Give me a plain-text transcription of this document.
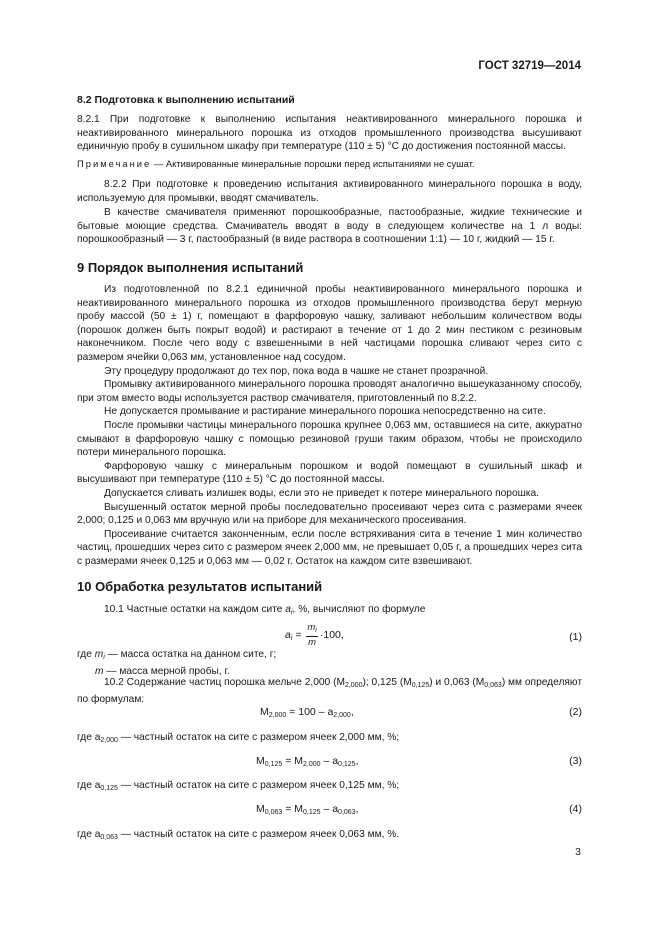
ГОСТ 32719—2014
8.2 Подготовка к выполнению испытаний

8.2.1 При подготовке к выполнению испытания неактивированного минерального порошка и неактивированного минерального порошка из отходов промышленного производства высушивают единичную пробу в сушильном шкафу при температуре (110 ± 5) °С до достижения постоянной массы.

Примечание — Активированные минеральные порошки перед испытаниями не сушат.

8.2.2 При подготовке к проведению испытания активированного минерального порошка в воду, используемую для промывки, вводят смачиватель.

В качестве смачивателя применяют порошкообразные, пастообразные, жидкие технические и бытовые моющие средства. Смачиватель вводят в воду в следующем количестве на 1 л воды: порошкообразный — 3 г, пастообразный (в виде раствора в соотношении 1:1) — 10 г, жидкий — 15 г.

9 Порядок выполнения испытаний

Из подготовленной по 8.2.1 единичной пробы неактивированного минерального порошка и неактивированного минерального порошка из отходов промышленного производства берут мерную пробу массой (50 ± 1) г, помещают в фарфоровую чашку, заливают небольшим количеством воды (порошок должен быть покрыт водой) и растирают в течение от 1 до 2 мин пестиком с резиновым наконечником. После чего воду с взвешенными в ней частицами порошка сливают через сито с размером ячейки 0,063 мм, установленное над сосудом.

Эту процедуру продолжают до тех пор, пока вода в чашке не станет прозрачной.

Промывку активированного минерального порошка проводят аналогично вышеуказанному способу, при этом вместо воды используется раствор смачивателя, приготовленный по 8.2.2.

Не допускается промывание и растирание минерального порошка непосредственно на сите.

После промывки частицы минерального порошка крупнее 0,063 мм, оставшиеся на сите, аккуратно смывают в фарфоровую чашку с помощью резиновой груши таким образом, чтобы не происходило потери минерального порошка.

Фарфоровую чашку с минеральным порошком и водой помещают в сушильный шкаф и высушивают при температуре (110 ± 5) °С до постоянной массы.

Допускается сливать излишек воды, если это не приведет к потере минерального порошка.

Высушенный остаток мерной пробы последовательно просеивают через сита с размерами ячеек 2,000; 0,125 и 0,063 мм вручную или на приборе для механического просеивания.

Просеивание считается законченным, если после встряхивания сита в течение 1 мин количество частиц, прошедших через сито с размером ячеек 2,000 мм, не превышает 0,05 г, а прошедших через сита с размерами ячеек 0,125 и 0,063 мм — 0,02 г. Остаток на каждом сите взвешивают.

10 Обработка результатов испытаний
10.1 Частные остатки на каждом сите $a_i$, %, вычисляют по формуле
$a_i = \frac{m_i}{m} \cdot 100$,	(1)
где $m_i$ — масса остатка на данном сите, г;
m — масса мерной пробы, г.

10.2 Содержание частиц порошка мельче 2,000 $(М_{2,000})$; 0,125 $(М_{0,125})$ и 0,063 $(М_{0,063})$ мм определяют по формулам:

$М_{2,000} = 100 - a_{2,000}$,	(2)
где $a_{2,000}$ — частный остаток на сите с размером ячеек 2,000 мм, %;
$М_{0,125} = М_{2,000} - a_{0,125}$,	(3)
где $a_{0,125}$ — частный остаток на сите с размером ячеек 0,125 мм, %;
$М_{0,063} = М_{0,125} - a_{0,063}$,	(4)
где $a_{0,063}$ — частный остаток на сите с размером ячеек 0,063 мм, %.
3
